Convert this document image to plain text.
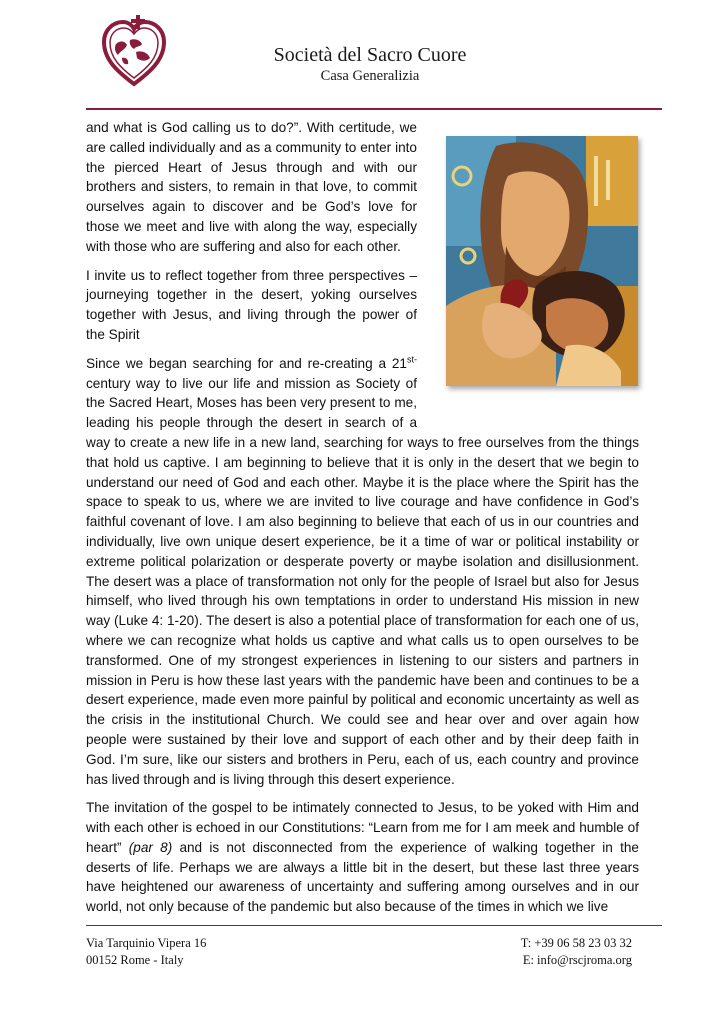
Società del Sacro Cuore
Casa Generalizia

and what is God calling us to do?”. With certitude, we are called individually and as a community to enter into the pierced Heart of Jesus through and with our brothers and sisters, to remain in that love, to commit ourselves again to discover and be God’s love for those we meet and live with along the way, especially with those who are suffering and also for each other.

I invite us to reflect together from three perspectives – journeying together in the desert, yoking ourselves together with Jesus, and living through the power of the Spirit

Since we began searching for and re-creating a $21^{st-}$ century way to live our life and mission as Society of the Sacred Heart, Moses has been very present to me, leading his people through the desert in search of a way to create a new life in a new land, searching for ways to free ourselves from the things that hold us captive. I am beginning to believe that it is only in the desert that we begin to understand our need of God and each other. Maybe it is the place where the Spirit has the space to speak to us, where we are invited to live courage and have confidence in God’s faithful covenant of love. I am also beginning to believe that each of us in our countries and individually, live own unique desert experience, be it a time of war or political instability or extreme political polarization or desperate poverty or maybe isolation and disillusionment. The desert was a place of transformation not only for the people of Israel but also for Jesus himself, who lived through his own temptations in order to understand His mission in new way (Luke 4: 1-20). The desert is also a potential place of transformation for each one of us, where we can recognize what holds us captive and what calls us to open ourselves to be transformed. One of my strongest experiences in listening to our sisters and partners in mission in Peru is how these last years with the pandemic have been and continues to be a desert experience, made even more painful by political and economic uncertainty as well as the crisis in the institutional Church. We could see and hear over and over again how people were sustained by their love and support of each other and by their deep faith in God. I’m sure, like our sisters and brothers in Peru, each of us, each country and province has lived through and is living through this desert experience.

The invitation of the gospel to be intimately connected to Jesus, to be yoked with Him and with each other is echoed in our Constitutions: “Learn from me for I am meek and humble of heart” (par 8) and is not disconnected from the experience of walking together in the deserts of life. Perhaps we are always a little bit in the desert, but these last three years have heightened our awareness of uncertainty and suffering among ourselves and in our world, not only because of the pandemic but also because of the times in which we live

Via Tarquinio Vipera 16
00152 Rome - Italy
T: +39 06 58 23 03 32
E: info@rscjroma.org
